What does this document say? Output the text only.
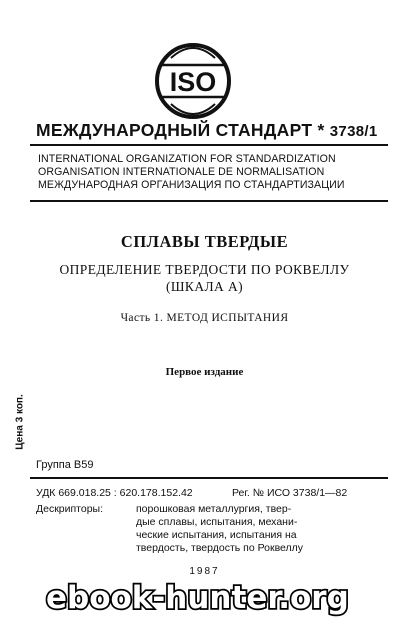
ISO
МЕЖДУНАРОДНЫЙ СТАНДАРТ * 3738/1
INTERNATIONAL ORGANIZATION FOR STANDARDIZATION
ORGANISATION INTERNATIONALE DE NORMALISATION
МЕЖДУНАРОДНАЯ ОРГАНИЗАЦИЯ ПО СТАНДАРТИЗАЦИИ
СПЛАВЫ ТВЕРДЫЕ
ОПРЕДЕЛЕНИЕ ТВЕРДОСТИ ПО РОКВЕЛЛУ
(ШКАЛА А)
Часть 1. МЕТОД ИСПЫТАНИЯ
Первое издание
Цена 3 коп.
Группа В59
УДК 669.018.25 : 620.178.152.42	Рег. № ИСО 3738/1—82
Дескрипторы:	порошковая металлургия, твер-
дые сплавы, испытания, механи-
ческие испытания, испытания на
твердость, твердость по Роквеллу
1987
ebook-hunter.org
